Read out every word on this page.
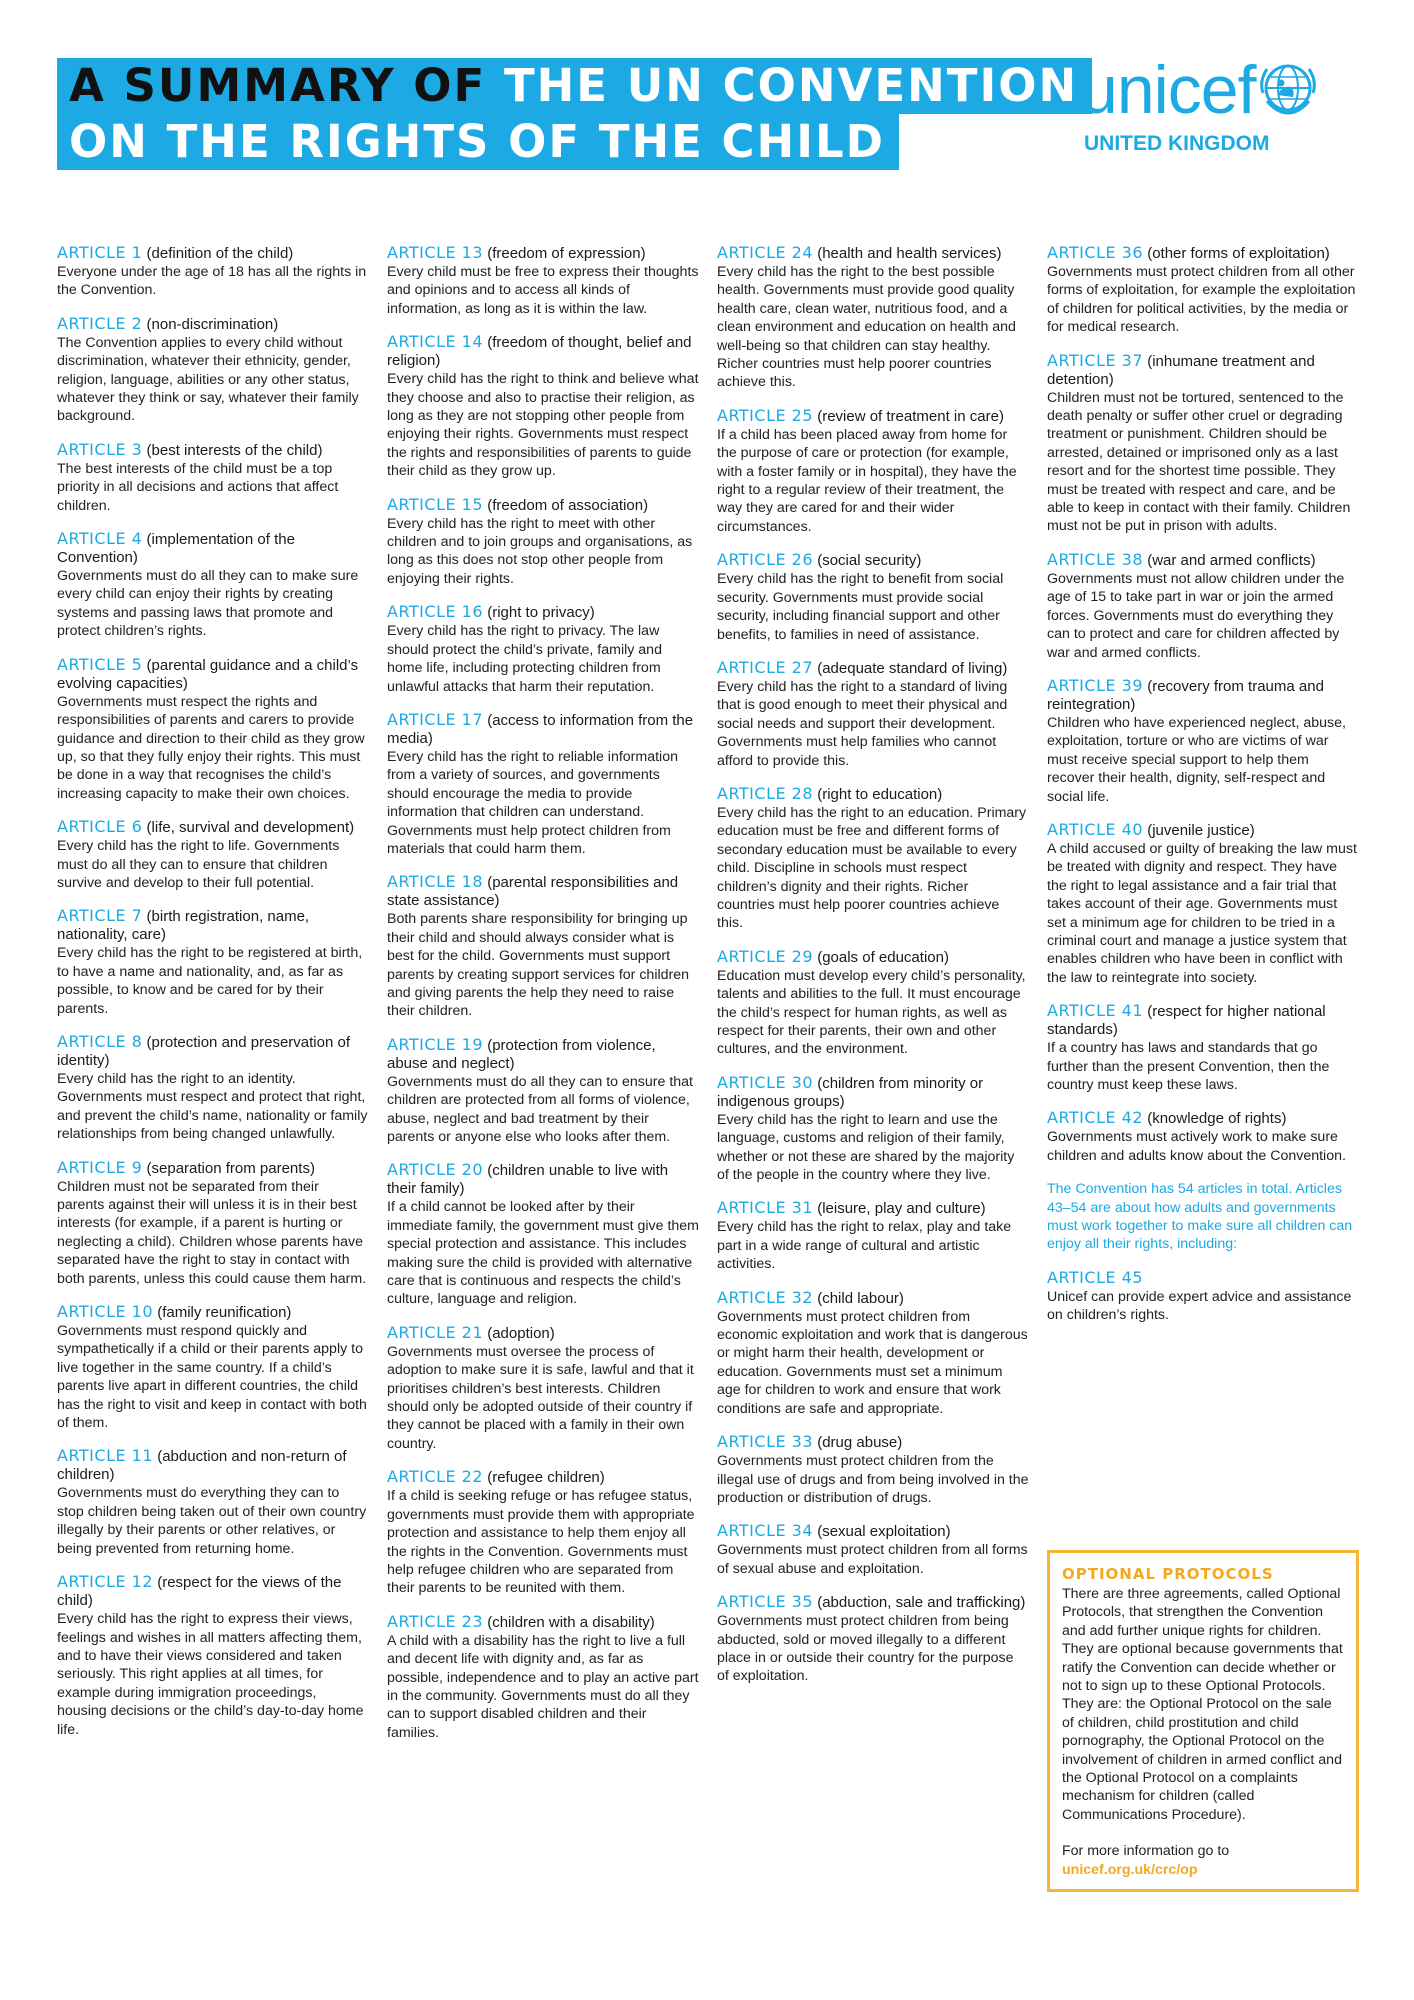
A SUMMARY OF THE UN CONVENTION
ON THE RIGHTS OF THE CHILD
unicef
UNITED KINGDOM
ARTICLE 1 (definition of the child)
Everyone under the age of 18 has all the rights in the Convention.
ARTICLE 2 (non-discrimination)
The Convention applies to every child without discrimination, whatever their ethnicity, gender, religion, language, abilities or any other status, whatever they think or say, whatever their family background.
ARTICLE 3 (best interests of the child)
The best interests of the child must be a top priority in all decisions and actions that affect children.
ARTICLE 4 (implementation of the Convention)
Governments must do all they can to make sure every child can enjoy their rights by creating systems and passing laws that promote and protect children’s rights.
ARTICLE 5 (parental guidance and a child’s evolving capacities)
Governments must respect the rights and responsibilities of parents and carers to provide guidance and direction to their child as they grow up, so that they fully enjoy their rights. This must be done in a way that recognises the child’s increasing capacity to make their own choices.
ARTICLE 6 (life, survival and development)
Every child has the right to life. Governments must do all they can to ensure that children survive and develop to their full potential.
ARTICLE 7 (birth registration, name, nationality, care)
Every child has the right to be registered at birth, to have a name and nationality, and, as far as possible, to know and be cared for by their parents.
ARTICLE 8 (protection and preservation of identity)
Every child has the right to an identity. Governments must respect and protect that right, and prevent the child’s name, nationality or family relationships from being changed unlawfully.
ARTICLE 9 (separation from parents)
Children must not be separated from their parents against their will unless it is in their best interests (for example, if a parent is hurting or neglecting a child). Children whose parents have separated have the right to stay in contact with both parents, unless this could cause them harm.
ARTICLE 10 (family reunification)
Governments must respond quickly and sympathetically if a child or their parents apply to live together in the same country. If a child’s parents live apart in different countries, the child has the right to visit and keep in contact with both of them.
ARTICLE 11 (abduction and non-return of children)
Governments must do everything they can to stop children being taken out of their own country illegally by their parents or other relatives, or being prevented from returning home.
ARTICLE 12 (respect for the views of the child)
Every child has the right to express their views, feelings and wishes in all matters affecting them, and to have their views considered and taken seriously. This right applies at all times, for example during immigration proceedings, housing decisions or the child’s day-to-day home life.
ARTICLE 13 (freedom of expression)
Every child must be free to express their thoughts and opinions and to access all kinds of information, as long as it is within the law.
ARTICLE 14 (freedom of thought, belief and religion)
Every child has the right to think and believe what they choose and also to practise their religion, as long as they are not stopping other people from enjoying their rights. Governments must respect the rights and responsibilities of parents to guide their child as they grow up.
ARTICLE 15 (freedom of association)
Every child has the right to meet with other children and to join groups and organisations, as long as this does not stop other people from enjoying their rights.
ARTICLE 16 (right to privacy)
Every child has the right to privacy. The law should protect the child’s private, family and home life, including protecting children from unlawful attacks that harm their reputation.
ARTICLE 17 (access to information from the media)
Every child has the right to reliable information from a variety of sources, and governments should encourage the media to provide information that children can understand. Governments must help protect children from materials that could harm them.
ARTICLE 18 (parental responsibilities and state assistance)
Both parents share responsibility for bringing up their child and should always consider what is best for the child. Governments must support parents by creating support services for children and giving parents the help they need to raise their children.
ARTICLE 19 (protection from violence, abuse and neglect)
Governments must do all they can to ensure that children are protected from all forms of violence, abuse, neglect and bad treatment by their parents or anyone else who looks after them.
ARTICLE 20 (children unable to live with their family)
If a child cannot be looked after by their immediate family, the government must give them special protection and assistance. This includes making sure the child is provided with alternative care that is continuous and respects the child’s culture, language and religion.
ARTICLE 21 (adoption)
Governments must oversee the process of adoption to make sure it is safe, lawful and that it prioritises children’s best interests. Children should only be adopted outside of their country if they cannot be placed with a family in their own country.
ARTICLE 22 (refugee children)
If a child is seeking refuge or has refugee status, governments must provide them with appropriate protection and assistance to help them enjoy all the rights in the Convention. Governments must help refugee children who are separated from their parents to be reunited with them.
ARTICLE 23 (children with a disability)
A child with a disability has the right to live a full and decent life with dignity and, as far as possible, independence and to play an active part in the community. Governments must do all they can to support disabled children and their families.
ARTICLE 24 (health and health services)
Every child has the right to the best possible health. Governments must provide good quality health care, clean water, nutritious food, and a clean environment and education on health and well-being so that children can stay healthy. Richer countries must help poorer countries achieve this.
ARTICLE 25 (review of treatment in care)
If a child has been placed away from home for the purpose of care or protection (for example, with a foster family or in hospital), they have the right to a regular review of their treatment, the way they are cared for and their wider circumstances.
ARTICLE 26 (social security)
Every child has the right to benefit from social security. Governments must provide social security, including financial support and other benefits, to families in need of assistance.
ARTICLE 27 (adequate standard of living)
Every child has the right to a standard of living that is good enough to meet their physical and social needs and support their development. Governments must help families who cannot afford to provide this.
ARTICLE 28 (right to education)
Every child has the right to an education. Primary education must be free and different forms of secondary education must be available to every child. Discipline in schools must respect children’s dignity and their rights. Richer countries must help poorer countries achieve this.
ARTICLE 29 (goals of education)
Education must develop every child’s personality, talents and abilities to the full. It must encourage the child’s respect for human rights, as well as respect for their parents, their own and other cultures, and the environment.
ARTICLE 30 (children from minority or indigenous groups)
Every child has the right to learn and use the language, customs and religion of their family, whether or not these are shared by the majority of the people in the country where they live.
ARTICLE 31 (leisure, play and culture)
Every child has the right to relax, play and take part in a wide range of cultural and artistic activities.
ARTICLE 32 (child labour)
Governments must protect children from economic exploitation and work that is dangerous or might harm their health, development or education. Governments must set a minimum age for children to work and ensure that work conditions are safe and appropriate.
ARTICLE 33 (drug abuse)
Governments must protect children from the illegal use of drugs and from being involved in the production or distribution of drugs.
ARTICLE 34 (sexual exploitation)
Governments must protect children from all forms of sexual abuse and exploitation.
ARTICLE 35 (abduction, sale and trafficking)
Governments must protect children from being abducted, sold or moved illegally to a different place in or outside their country for the purpose of exploitation.
ARTICLE 36 (other forms of exploitation)
Governments must protect children from all other forms of exploitation, for example the exploitation of children for political activities, by the media or for medical research.
ARTICLE 37 (inhumane treatment and detention)
Children must not be tortured, sentenced to the death penalty or suffer other cruel or degrading treatment or punishment. Children should be arrested, detained or imprisoned only as a last resort and for the shortest time possible. They must be treated with respect and care, and be able to keep in contact with their family. Children must not be put in prison with adults.
ARTICLE 38 (war and armed conflicts)
Governments must not allow children under the age of 15 to take part in war or join the armed forces. Governments must do everything they can to protect and care for children affected by war and armed conflicts.
ARTICLE 39 (recovery from trauma and reintegration)
Children who have experienced neglect, abuse, exploitation, torture or who are victims of war must receive special support to help them recover their health, dignity, self-respect and social life.
ARTICLE 40 (juvenile justice)
A child accused or guilty of breaking the law must be treated with dignity and respect. They have the right to legal assistance and a fair trial that takes account of their age. Governments must set a minimum age for children to be tried in a criminal court and manage a justice system that enables children who have been in conflict with the law to reintegrate into society.
ARTICLE 41 (respect for higher national standards)
If a country has laws and standards that go further than the present Convention, then the country must keep these laws.
ARTICLE 42 (knowledge of rights)
Governments must actively work to make sure children and adults know about the Convention.
The Convention has 54 articles in total. Articles 43–54 are about how adults and governments must work together to make sure all children can enjoy all their rights, including:
ARTICLE 45
Unicef can provide expert advice and assistance on children’s rights.
OPTIONAL PROTOCOLS
There are three agreements, called Optional Protocols, that strengthen the Convention and add further unique rights for children. They are optional because governments that ratify the Convention can decide whether or not to sign up to these Optional Protocols. They are: the Optional Protocol on the sale of children, child prostitution and child pornography, the Optional Protocol on the involvement of children in armed conflict and the Optional Protocol on a complaints mechanism for children (called Communications Procedure).
For more information go to
unicef.org.uk/crc/op
